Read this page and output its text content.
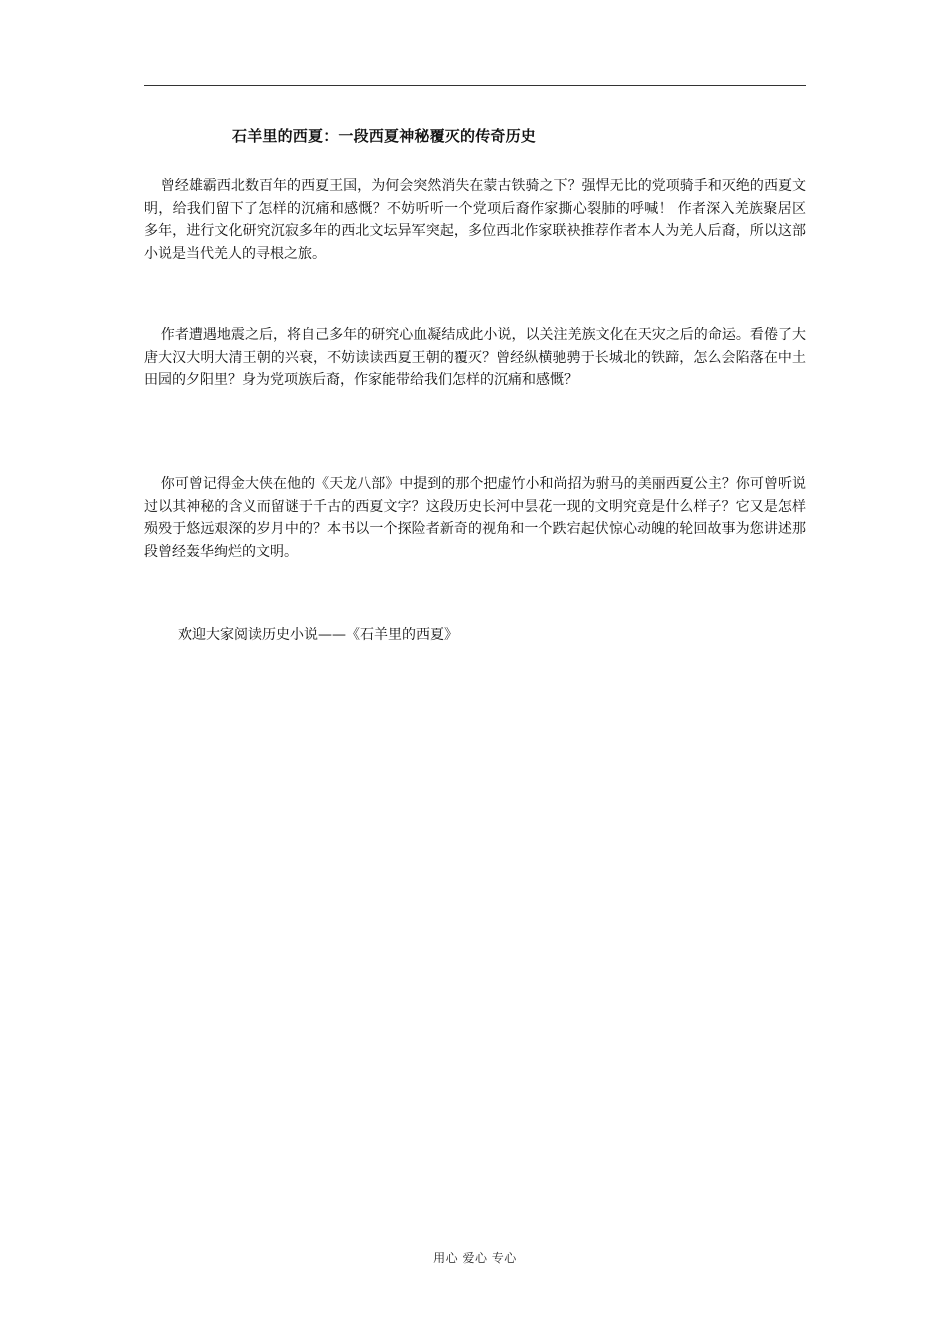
石羊里的西夏：一段西夏神秘覆灭的传奇历史
曾经雄霸西北数百年的西夏王国，为何会突然消失在蒙古铁骑之下？强悍无比的党项骑手和灭绝的西夏文明，给我们留下了怎样的沉痛和感慨？不妨听听一个党项后裔作家撕心裂肺的呼喊！ 作者深入羌族聚居区多年，进行文化研究沉寂多年的西北文坛异军突起，多位西北作家联袂推荐作者本人为羌人后裔，所以这部小说是当代羌人的寻根之旅。
作者遭遇地震之后，将自己多年的研究心血凝结成此小说，以关注羌族文化在天灾之后的命运。看倦了大唐大汉大明大清王朝的兴衰，不妨读读西夏王朝的覆灭？曾经纵横驰骋于长城北的铁蹄，怎么会陷落在中土田园的夕阳里？身为党项族后裔，作家能带给我们怎样的沉痛和感慨？
你可曾记得金大侠在他的《天龙八部》中提到的那个把虚竹小和尚招为驸马的美丽西夏公主？你可曾听说过以其神秘的含义而留谜于千古的西夏文字？这段历史长河中昙花一现的文明究竟是什么样子？它又是怎样殒殁于悠远艰深的岁月中的？本书以一个探险者新奇的视角和一个跌宕起伏惊心动魄的轮回故事为您讲述那段曾经轰华绚烂的文明。
欢迎大家阅读历史小说——《石羊里的西夏》
用心 爱心 专心
